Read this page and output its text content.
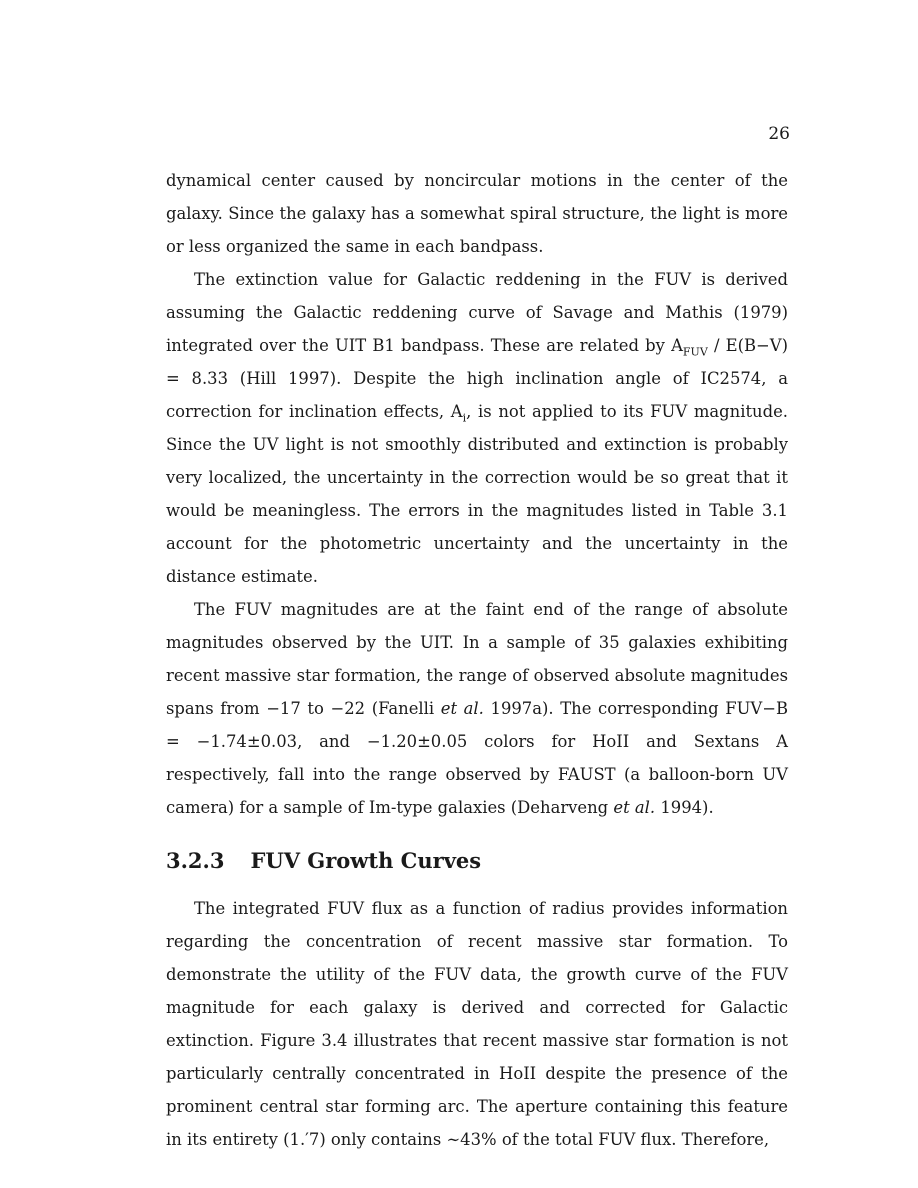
26

dynamical center caused by noncircular motions in the center of the galaxy. Since the galaxy has a somewhat spiral structure, the light is more or less organized the same in each bandpass.

The extinction value for Galactic reddening in the FUV is derived assuming the Galactic reddening curve of Savage and Mathis (1979) integrated over the UIT B1 bandpass. These are related by $A_{FUV} / E(B-V) = 8.33$ (Hill 1997). Despite the high inclination angle of IC2574, a correction for inclination effects, $A_i$, is not applied to its FUV magnitude. Since the UV light is not smoothly distributed and extinction is probably very localized, the uncertainty in the correction would be so great that it would be meaningless. The errors in the magnitudes listed in Table 3.1 account for the photometric uncertainty and the uncertainty in the distance estimate.

The FUV magnitudes are at the faint end of the range of absolute magnitudes observed by the UIT. In a sample of 35 galaxies exhibiting recent massive star formation, the range of observed absolute magnitudes spans from −17 to −22 (Fanelli et al. 1997a). The corresponding FUV−B = −1.74±0.03, and −1.20±0.05 colors for HoII and Sextans A respectively, fall into the range observed by FAUST (a balloon-born UV camera) for a sample of Im-type galaxies (Deharveng et al. 1994).

3.2.3 FUV Growth Curves

The integrated FUV flux as a function of radius provides information regarding the concentration of recent massive star formation. To demonstrate the utility of the FUV data, the growth curve of the FUV magnitude for each galaxy is derived and corrected for Galactic extinction. Figure 3.4 illustrates that recent massive star formation is not particularly centrally concentrated in HoII despite the presence of the prominent central star forming arc. The aperture containing this feature in its entirety (1.′7) only contains ∼43% of the total FUV flux. Therefore,
